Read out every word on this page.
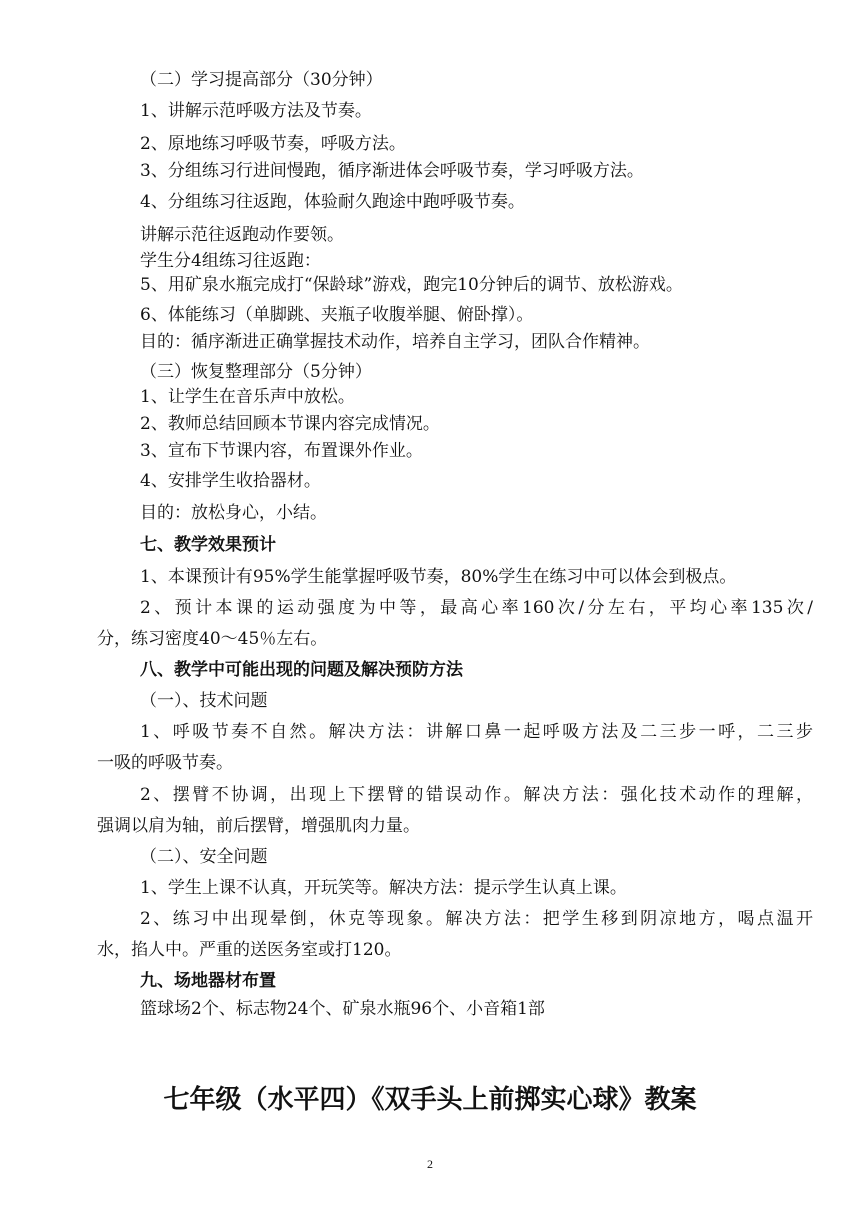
（二）学习提高部分（30分钟）
1、讲解示范呼吸方法及节奏。
2、原地练习呼吸节奏，呼吸方法。
3、分组练习行进间慢跑，循序渐进体会呼吸节奏，学习呼吸方法。
4、分组练习往返跑，体验耐久跑途中跑呼吸节奏。
讲解示范往返跑动作要领。
学生分4组练习往返跑：
5、用矿泉水瓶完成打“保龄球”游戏，跑完10分钟后的调节、放松游戏。
6、体能练习（单脚跳、夹瓶子收腹举腿、俯卧撑）。
目的：循序渐进正确掌握技术动作，培养自主学习，团队合作精神。
（三）恢复整理部分（5分钟）
1、让学生在音乐声中放松。
2、教师总结回顾本节课内容完成情况。
3、宣布下节课内容，布置课外作业。
4、安排学生收拾器材。
目的：放松身心，小结。
七、教学效果预计
1、本课预计有95%学生能掌握呼吸节奏，80%学生在练习中可以体会到极点。
2、预计本课的运动强度为中等，最高心率160次/分左右，平均心率135次/
分，练习密度40～45％左右。
八、教学中可能出现的问题及解决预防方法
（一）、技术问题
1、呼吸节奏不自然。解决方法：讲解口鼻一起呼吸方法及二三步一呼，二三步
一吸的呼吸节奏。
2、摆臂不协调，出现上下摆臂的错误动作。解决方法：强化技术动作的理解，
强调以肩为轴，前后摆臂，增强肌肉力量。
（二）、安全问题
1、学生上课不认真，开玩笑等。解决方法：提示学生认真上课。
2、练习中出现晕倒，休克等现象。解决方法：把学生移到阴凉地方，喝点温开
水，掐人中。严重的送医务室或打120。
九、场地器材布置
篮球场2个、标志物24个、矿泉水瓶96个、小音箱1部
七年级（水平四）《双手头上前掷实心球》教案
2
